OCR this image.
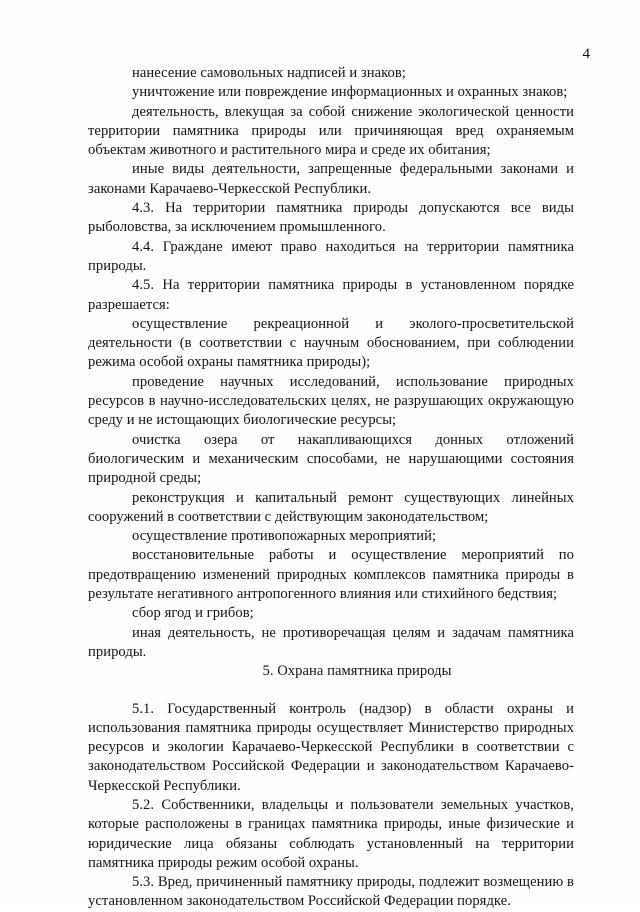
4

нанесение самовольных надписей и знаков;

уничтожение или повреждение информационных и охранных знаков;

деятельность, влекущая за собой снижение экологической ценности территории памятника природы или причиняющая вред охраняемым объектам животного и растительного мира и среде их обитания;

иные виды деятельности, запрещенные федеральными законами и законами Карачаево-Черкесской Республики.

4.3. На территории памятника природы допускаются все виды рыболовства, за исключением промышленного.

4.4. Граждане имеют право находиться на территории памятника природы.

4.5. На территории памятника природы в установленном порядке разрешается:

осуществление рекреационной и эколого-просветительской деятельности (в соответствии с научным обоснованием, при соблюдении режима особой охраны памятника природы);

проведение научных исследований, использование природных ресурсов в научно-исследовательских целях, не разрушающих окружающую среду и не истощающих биологические ресурсы;

очистка озера от накапливающихся донных отложений биологическим и механическим способами, не нарушающими состояния природной среды;

реконструкция и капитальный ремонт существующих линейных сооружений в соответствии с действующим законодательством;

осуществление противопожарных мероприятий;

восстановительные работы и осуществление мероприятий по предотвращению изменений природных комплексов памятника природы в результате негативного антропогенного влияния или стихийного бедствия;

сбор ягод и грибов;

иная деятельность, не противоречащая целям и задачам памятника природы.

5. Охрана памятника природы

5.1. Государственный контроль (надзор) в области охраны и использования памятника природы осуществляет Министерство природных ресурсов и экологии Карачаево-Черкесской Республики в соответствии с законодательством Российской Федерации и законодательством Карачаево-Черкесской Республики.

5.2. Собственники, владельцы и пользователи земельных участков, которые расположены в границах памятника природы, иные физические и юридические лица обязаны соблюдать установленный на территории памятника природы режим особой охраны.

5.3. Вред, причиненный памятнику природы, подлежит возмещению в установленном законодательством Российской Федерации порядке.
